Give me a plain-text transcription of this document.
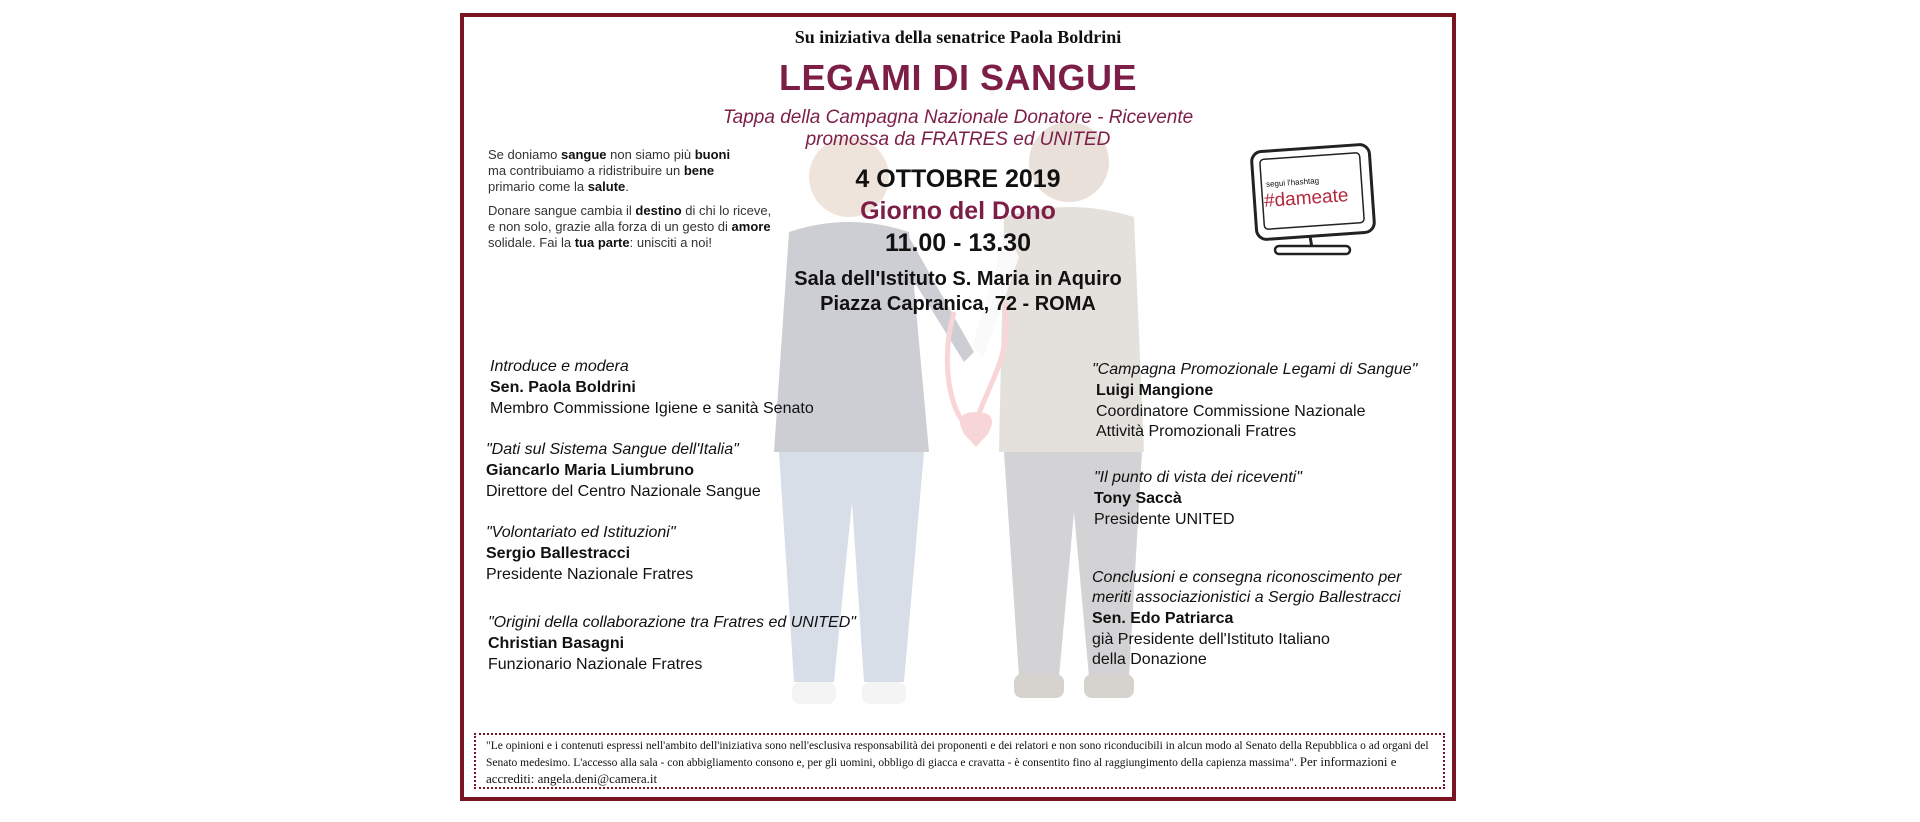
Su iniziativa della senatrice Paola Boldrini
LEGAMI DI SANGUE
Tappa della Campagna Nazionale Donatore - Ricevente
promossa da FRATRES ed UNITED

Se doniamo sangue non siamo più buoni
ma contribuiamo a ridistribuire un bene
primario come la salute.

Donare sangue cambia il destino di chi lo riceve,
e non solo, grazie alla forza di un gesto di amore
solidale. Fai la tua parte: unisciti a noi!

4 OTTOBRE 2019
Giorno del Dono
11.00 - 13.30
Sala dell'Istituto S. Maria in Aquiro
Piazza Capranica, 72 - ROMA
segui l'hashtag
#dameate
Introduce e modera
Sen. Paola Boldrini
Membro Commissione Igiene e sanità Senato
"Dati sul Sistema Sangue dell'Italia"
Giancarlo Maria Liumbruno
Direttore del Centro Nazionale Sangue
"Volontariato ed Istituzioni"
Sergio Ballestracci
Presidente Nazionale Fratres
"Origini della collaborazione tra Fratres ed UNITED"
Christian Basagni
Funzionario Nazionale Fratres
"Campagna Promozionale Legami di Sangue"
Luigi Mangione
Coordinatore Commissione Nazionale
Attività Promozionali Fratres
"Il punto di vista dei riceventi"
Tony Saccà
Presidente UNITED
Conclusioni e consegna riconoscimento per
meriti associazionistici a Sergio Ballestracci
Sen. Edo Patriarca
già Presidente dell'Istituto Italiano
della Donazione
"Le opinioni e i contenuti espressi nell'ambito dell'iniziativa sono nell'esclusiva responsabilità dei proponenti e dei relatori e non sono riconducibili in alcun modo al Senato della Repubblica o ad organi del Senato medesimo. L'accesso alla sala - con abbigliamento consono e, per gli uomini, obbligo di giacca e cravatta - è consentito fino al raggiungimento della capienza massima". Per informazioni e accrediti: angela.deni@camera.it
